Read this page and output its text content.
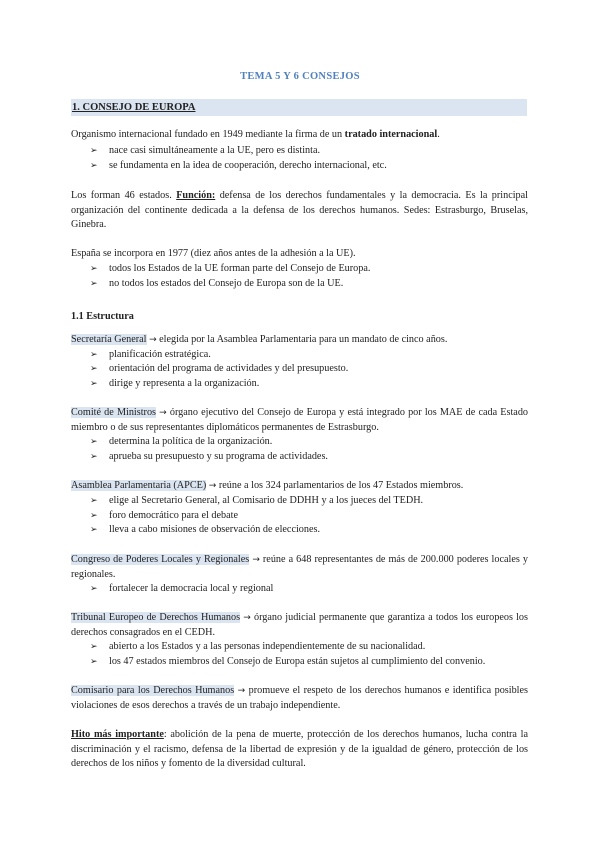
TEMA 5 Y 6 CONSEJOS
1. CONSEJO DE EUROPA
Organismo internacional fundado en 1949 mediante la firma de un tratado internacional.
➢ nace casi simultáneamente a la UE, pero es distinta.
➢ se fundamenta en la idea de cooperación, derecho internacional, etc.
Los forman 46 estados. Función: defensa de los derechos fundamentales y la democracia. Es la principal organización del continente dedicada a la defensa de los derechos humanos. Sedes: Estrasburgo, Bruselas, Ginebra.
España se incorpora en 1977 (diez años antes de la adhesión a la UE).
➢ todos los Estados de la UE forman parte del Consejo de Europa.
➢ no todos los estados del Consejo de Europa son de la UE.
1.1 Estructura
Secretaría General → elegida por la Asamblea Parlamentaria para un mandato de cinco años.
➢ planificación estratégica.
➢ orientación del programa de actividades y del presupuesto.
➢ dirige y representa a la organización.
Comité de Ministros → órgano ejecutivo del Consejo de Europa y está integrado por los MAE de cada Estado miembro o de sus representantes diplomáticos permanentes de Estrasburgo.
➢ determina la política de la organización.
➢ aprueba su presupuesto y su programa de actividades.
Asamblea Parlamentaria (APCE) → reúne a los 324 parlamentarios de los 47 Estados miembros.
➢ elige al Secretario General, al Comisario de DDHH y a los jueces del TEDH.
➢ foro democrático para el debate
➢ lleva a cabo misiones de observación de elecciones.
Congreso de Poderes Locales y Regionales → reúne a 648 representantes de más de 200.000 poderes locales y regionales.
➢ fortalecer la democracia local y regional
Tribunal Europeo de Derechos Humanos → órgano judicial permanente que garantiza a todos los europeos los derechos consagrados en el CEDH.
➢ abierto a los Estados y a las personas independientemente de su nacionalidad.
➢ los 47 estados miembros del Consejo de Europa están sujetos al cumplimiento del convenio.
Comisario para los Derechos Humanos → promueve el respeto de los derechos humanos e identifica posibles violaciones de esos derechos a través de un trabajo independiente.
Hito más importante: abolición de la pena de muerte, protección de los derechos humanos, lucha contra la discriminación y el racismo, defensa de la libertad de expresión y de la igualdad de género, protección de los derechos de los niños y fomento de la diversidad cultural.
